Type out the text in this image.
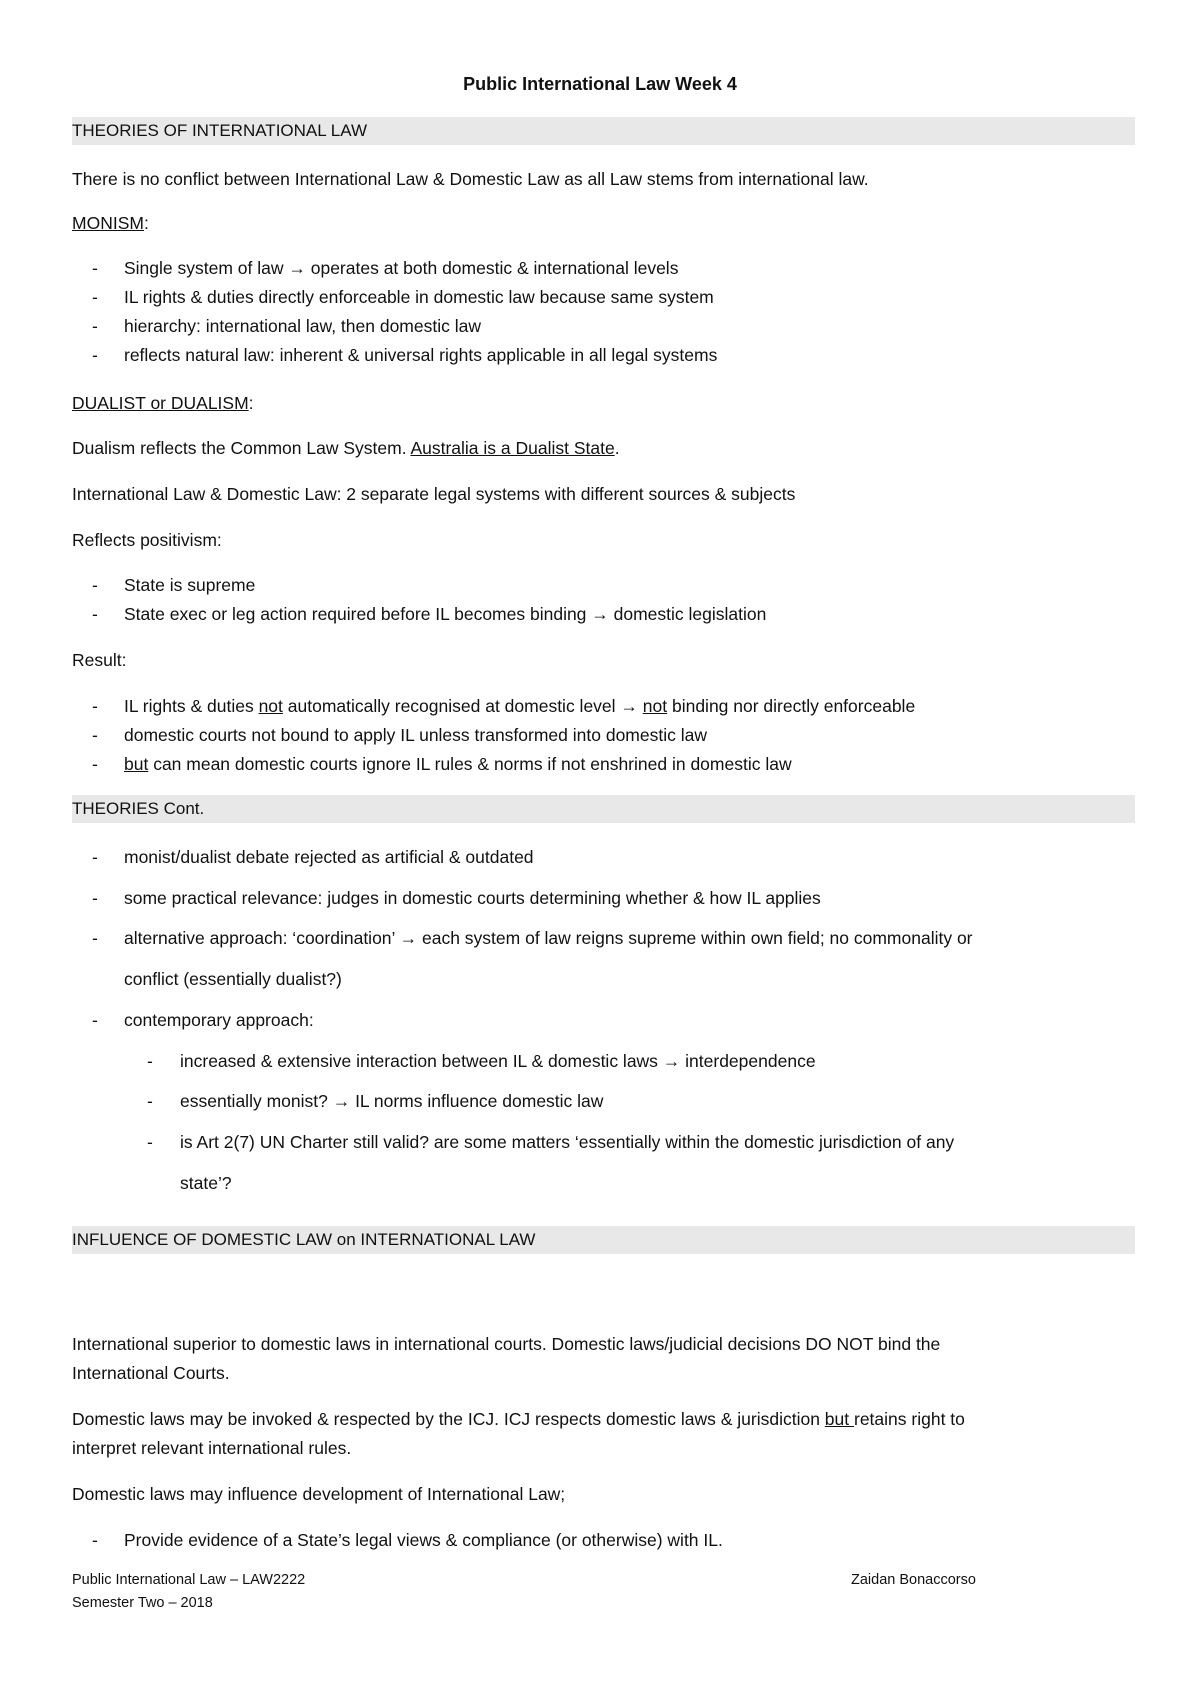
Public International Law Week 4
THEORIES OF INTERNATIONAL LAW
There is no conflict between International Law & Domestic Law as all Law stems from international law.
MONISM:
- Single system of law → operates at both domestic & international levels
- IL rights & duties directly enforceable in domestic law because same system
- hierarchy: international law, then domestic law
- reflects natural law: inherent & universal rights applicable in all legal systems
DUALIST or DUALISM:
Dualism reflects the Common Law System. Australia is a Dualist State.
International Law & Domestic Law: 2 separate legal systems with different sources & subjects
Reflects positivism:
- State is supreme
- State exec or leg action required before IL becomes binding → domestic legislation
Result:
- IL rights & duties not automatically recognised at domestic level → not binding nor directly enforceable
- domestic courts not bound to apply IL unless transformed into domestic law
- but can mean domestic courts ignore IL rules & norms if not enshrined in domestic law
THEORIES Cont.
- monist/dualist debate rejected as artificial & outdated
- some practical relevance: judges in domestic courts determining whether & how IL applies
- alternative approach: ‘coordination’ → each system of law reigns supreme within own field; no commonality or
conflict (essentially dualist?)
- contemporary approach:
- increased & extensive interaction between IL & domestic laws → interdependence
- essentially monist? → IL norms influence domestic law
- is Art 2(7) UN Charter still valid? are some matters ‘essentially within the domestic jurisdiction of any
state’?
INFLUENCE OF DOMESTIC LAW on INTERNATIONAL LAW
International superior to domestic laws in international courts. Domestic laws/judicial decisions DO NOT bind the
International Courts.
Domestic laws may be invoked & respected by the ICJ. ICJ respects domestic laws & jurisdiction but retains right to
interpret relevant international rules.
Domestic laws may influence development of International Law;
- Provide evidence of a State’s legal views & compliance (or otherwise) with IL.
Public International Law – LAW2222
Semester Two – 2018
Zaidan Bonaccorso
